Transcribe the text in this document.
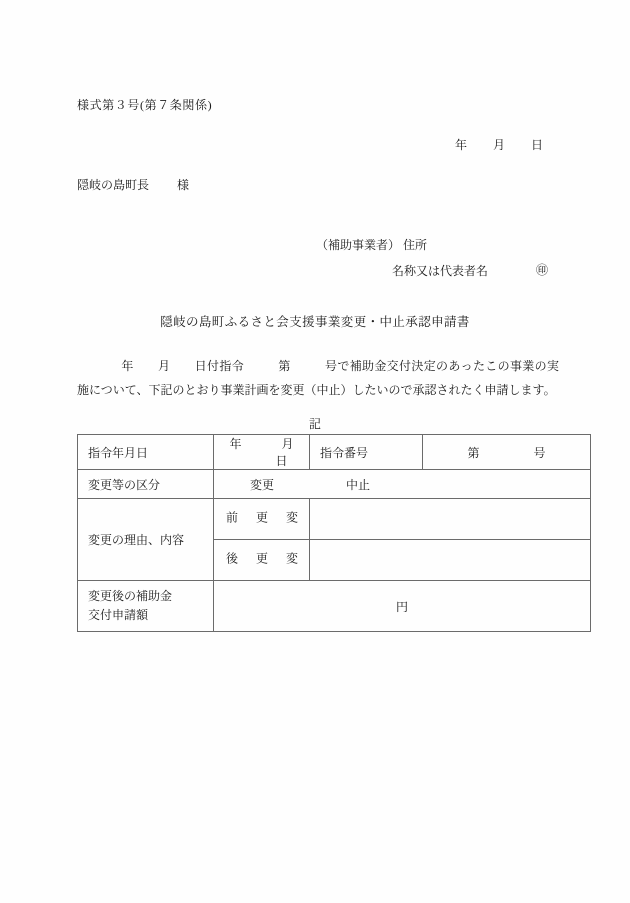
様式第３号(第７条関係)
年 月 日
隠岐の島町長 様
（補助事業者） 住所
名称又は代表者名	㊞
隠岐の島町ふるさと会支援事業変更・中止承認申請書
年 月 日付指令	第	号で補助金交付決定のあったこの事業の実施について、下記のとおり事業計画を変更（中止）したいので承認されたく申請します。
記
指令年月日	年 月日	指令番号	第 号
変更等の区分	変更 中止		
変更の理由、内容	変更前		
	変更後		

変更後の補助金
交付申請額	円		
